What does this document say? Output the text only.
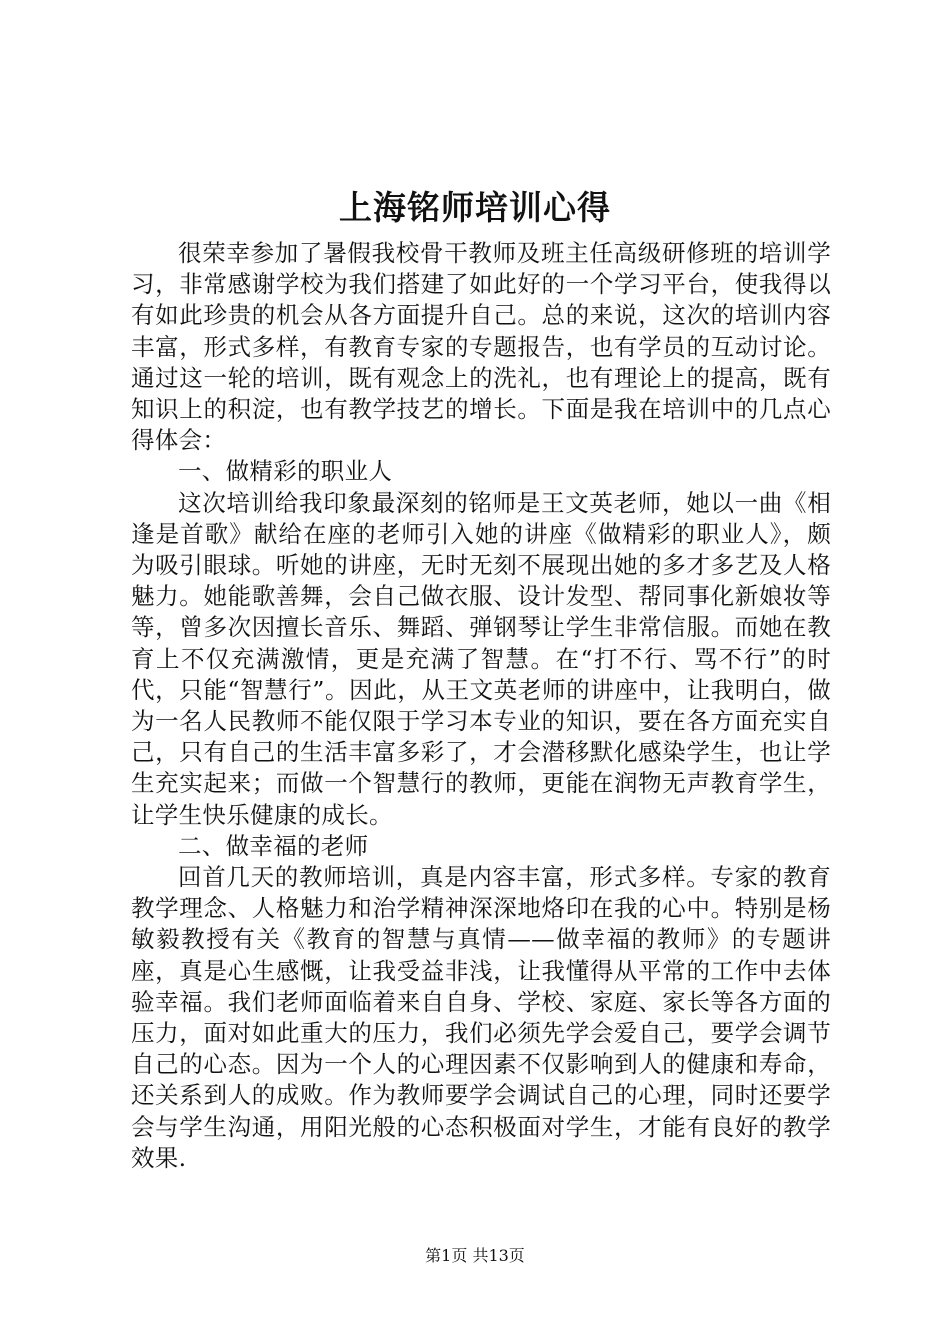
上海铭师培训心得

很荣幸参加了暑假我校骨干教师及班主任高级研修班的培训学习，非常感谢学校为我们搭建了如此好的一个学习平台，使我得以有如此珍贵的机会从各方面提升自己。总的来说，这次的培训内容丰富，形式多样，有教育专家的专题报告，也有学员的互动讨论。通过这一轮的培训，既有观念上的洗礼，也有理论上的提高，既有知识上的积淀，也有教学技艺的增长。下面是我在培训中的几点心得体会：

一、做精彩的职业人

这次培训给我印象最深刻的铭师是王文英老师，她以一曲《相逢是首歌》献给在座的老师引入她的讲座《做精彩的职业人》，颇为吸引眼球。听她的讲座，无时无刻不展现出她的多才多艺及人格魅力。她能歌善舞，会自己做衣服、设计发型、帮同事化新娘妆等等，曾多次因擅长音乐、舞蹈、弹钢琴让学生非常信服。而她在教育上不仅充满激情，更是充满了智慧。在“打不行、骂不行”的时代，只能“智慧行”。因此，从王文英老师的讲座中，让我明白，做为一名人民教师不能仅限于学习本专业的知识，要在各方面充实自己，只有自己的生活丰富多彩了，才会潜移默化感染学生，也让学生充实起来；而做一个智慧行的教师，更能在润物无声教育学生，让学生快乐健康的成长。

二、做幸福的老师

回首几天的教师培训，真是内容丰富，形式多样。专家的教育教学理念、人格魅力和治学精神深深地烙印在我的心中。特别是杨敏毅教授有关《教育的智慧与真情——做幸福的教师》的专题讲座，真是心生感慨，让我受益非浅，让我懂得从平常的工作中去体验幸福。我们老师面临着来自自身、学校、家庭、家长等各方面的压力，面对如此重大的压力，我们必须先学会爱自己，要学会调节自己的心态。因为一个人的心理因素不仅影响到人的健康和寿命，还关系到人的成败。作为教师要学会调试自己的心理，同时还要学会与学生沟通，用阳光般的心态积极面对学生，才能有良好的教学效果.

第1页 共13页
